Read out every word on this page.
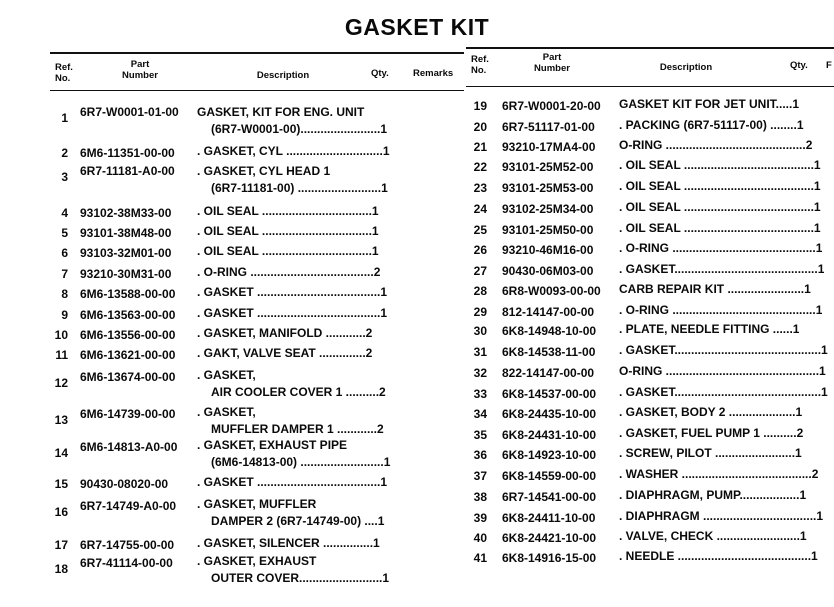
GASKET KIT
Ref.
No.
Part
Number	Description	Qty.	Remarks
Ref.
No.
Part
Number	Description	Qty. F
1 6R7-W0001-01-00 GASKET, KIT FOR ENG. UNIT
(6R7-W0001-00)........................1
2 6M6-11351-00-00 . GASKET, CYL .............................1
3 6R7-11181-A0-00 . GASKET, CYL HEAD 1
(6R7-11181-00) .........................1
4 93102-38M33-00 . OIL SEAL .................................1
5 93101-38M48-00 . OIL SEAL .................................1
6 93103-32M01-00 . OIL SEAL .................................1
7 93210-30M31-00 . O-RING .....................................2
8 6M6-13588-00-00 . GASKET .....................................1
9 6M6-13563-00-00 . GASKET .....................................1
10 6M6-13556-00-00 . GASKET, MANIFOLD ............2
11 6M6-13621-00-00 . GAKT, VALVE SEAT ..............2
12 6M6-13674-00-00 . GASKET,
AIR COOLER COVER 1 ..........2
13 6M6-14739-00-00 . GASKET,
MUFFLER DAMPER 1 ............2
14 6M6-14813-A0-00 . GASKET, EXHAUST PIPE
(6M6-14813-00) .........................1
15 90430-08020-00 . GASKET .....................................1
16 6R7-14749-A0-00 . GASKET, MUFFLER
DAMPER 2 (6R7-14749-00) ....1
17 6R7-14755-00-00 . GASKET, SILENCER ...............1
18 6R7-41114-00-00 . GASKET, EXHAUST
OUTER COVER.........................1
19 6R7-W0001-20-00 GASKET KIT FOR JET UNIT.....1
20 6R7-51117-01-00 . PACKING (6R7-51117-00) ........1
21 93210-17MA4-00 O-RING ..........................................2
22 93101-25M52-00 . OIL SEAL .......................................1
23 93101-25M53-00 . OIL SEAL .......................................1
24 93102-25M34-00 . OIL SEAL .......................................1
25 93101-25M50-00 . OIL SEAL .......................................1
26 93210-46M16-00 . O-RING ...........................................1
27 90430-06M03-00 . GASKET...........................................1
28 6R8-W0093-00-00 CARB REPAIR KIT .......................1
29 812-14147-00-00 . O-RING ...........................................1
30 6K8-14948-10-00 . PLATE, NEEDLE FITTING ......1
31 6K8-14538-11-00 . GASKET............................................1
32 822-14147-00-00 O-RING ..............................................1
33 6K8-14537-00-00 . GASKET............................................1
34 6K8-24435-10-00 . GASKET, BODY 2 ....................1
35 6K8-24431-10-00 . GASKET, FUEL PUMP 1 ..........2
36 6K8-14923-10-00 . SCREW, PILOT ........................1
37 6K8-14559-00-00 . WASHER .......................................2
38 6R7-14541-00-00 . DIAPHRAGM, PUMP..................1
39 6K8-24411-10-00 . DIAPHRAGM ..................................1
40 6K8-24421-10-00 . VALVE, CHECK .........................1
41 6K8-14916-15-00 . NEEDLE ........................................1
